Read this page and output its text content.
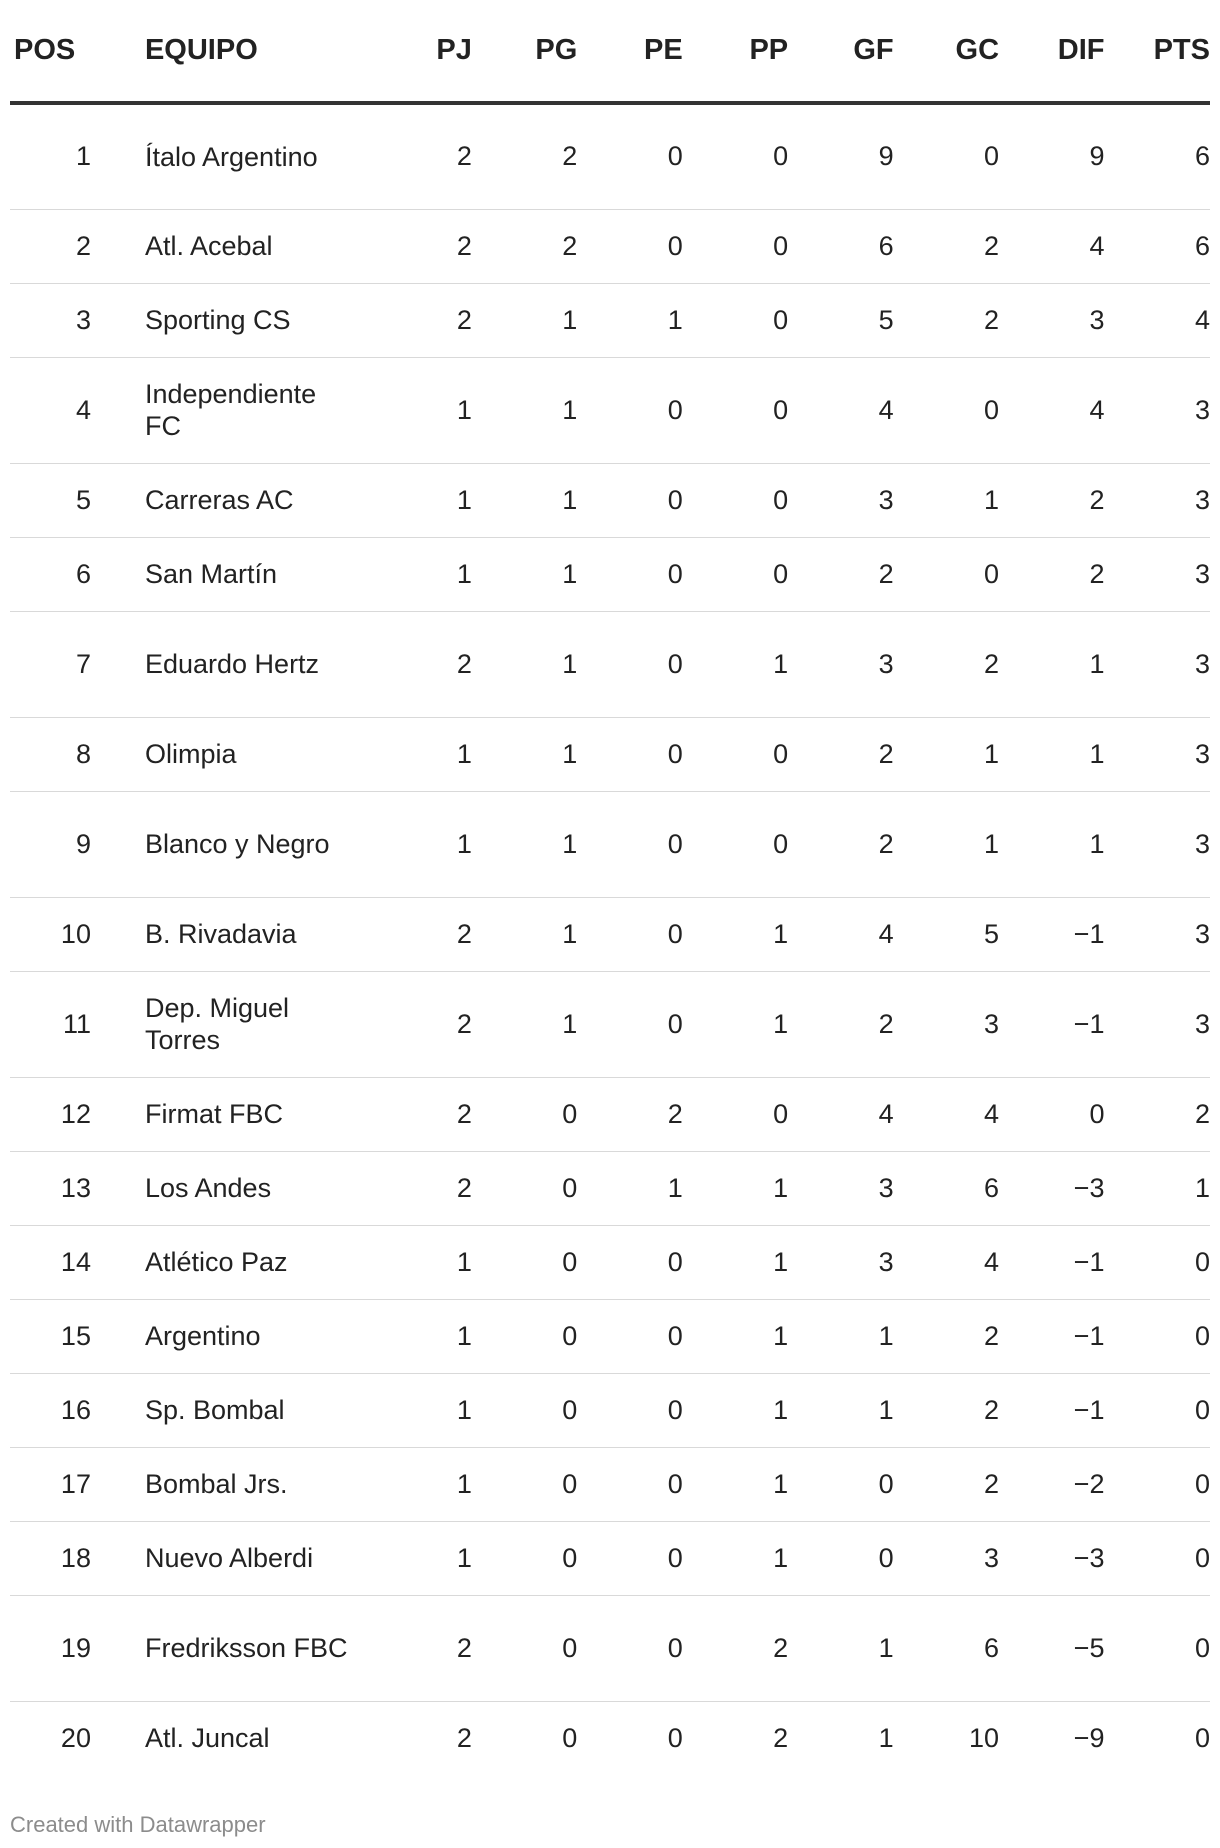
POS	EQUIPO	PJ	PG	PE	PP	GF	GC	DIF	PTS
1	Ítalo Argentino	2	2	0	0	9	0	9	6
2	Atl. Acebal	2	2	0	0	6	2	4	6
3	Sporting CS	2	1	1	0	5	2	3	4
4	Independiente FC	1	1	0	0	4	0	4	3
5	Carreras AC	1	1	0	0	3	1	2	3
6	San Martín	1	1	0	0	2	0	2	3
7	Eduardo Hertz	2	1	0	1	3	2	1	3
8	Olimpia	1	1	0	0	2	1	1	3
9	Blanco y Negro	1	1	0	0	2	1	1	3
10	B. Rivadavia	2	1	0	1	4	5	−1	3
11	Dep. Miguel Torres	2	1	0	1	2	3	−1	3
12	Firmat FBC	2	0	2	0	4	4	0	2
13	Los Andes	2	0	1	1	3	6	−3	1
14	Atlético Paz	1	0	0	1	3	4	−1	0
15	Argentino	1	0	0	1	1	2	−1	0
16	Sp. Bombal	1	0	0	1	1	2	−1	0
17	Bombal Jrs.	1	0	0	1	0	2	−2	0
18	Nuevo Alberdi	1	0	0	1	0	3	−3	0
19	Fredriksson FBC	2	0	0	2	1	6	−5	0
20	Atl. Juncal	2	0	0	2	1	10	−9	0
Created with Datawrapper
